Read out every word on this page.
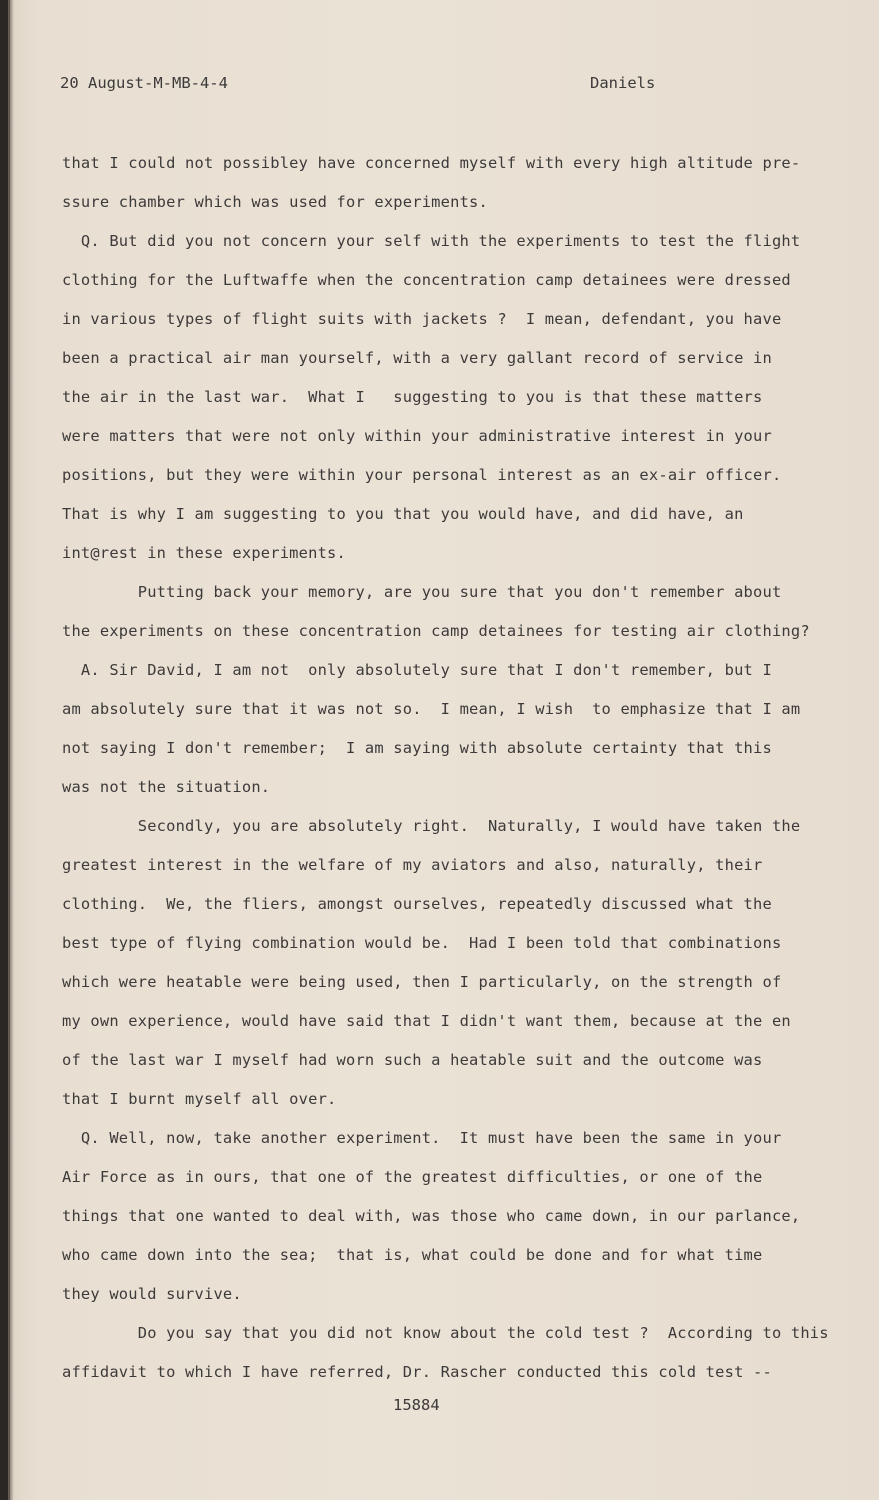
20 August-M-MB-4-4	Daniels
that I could not possibley have concerned myself with every high altitude pre-
ssure chamber which was used for experiments.
Q. But did you not concern your self with the experiments to test the flight
clothing for the Luftwaffe when the concentration camp detainees were dressed
in various types of flight suits with jackets ?  I mean, defendant, you have
been a practical air man yourself, with a very gallant record of service in
the air in the last war.  What I   suggesting to you is that these matters
were matters that were not only within your administrative interest in your
positions, but they were within your personal interest as an ex-air officer.
That is why I am suggesting to you that you would have, and did have, an
int@rest in these experiments.
Putting back your memory, are you sure that you don't remember about
the experiments on these concentration camp detainees for testing air clothing?
A. Sir David, I am not  only absolutely sure that I don't remember, but I
am absolutely sure that it was not so.  I mean, I wish  to emphasize that I am
not saying I don't remember;  I am saying with absolute certainty that this
was not the situation.
Secondly, you are absolutely right.  Naturally, I would have taken the
greatest interest in the welfare of my aviators and also, naturally, their
clothing.  We, the fliers, amongst ourselves, repeatedly discussed what the
best type of flying combination would be.  Had I been told that combinations
which were heatable were being used, then I particularly, on the strength of
my own experience, would have said that I didn't want them, because at the en
of the last war I myself had worn such a heatable suit and the outcome was
that I burnt myself all over.
Q. Well, now, take another experiment.  It must have been the same in your
Air Force as in ours, that one of the greatest difficulties, or one of the
things that one wanted to deal with, was those who came down, in our parlance,
who came down into the sea;  that is, what could be done and for what time
they would survive.
Do you say that you did not know about the cold test ?  According to this
affidavit to which I have referred, Dr. Rascher conducted this cold test --
15884
